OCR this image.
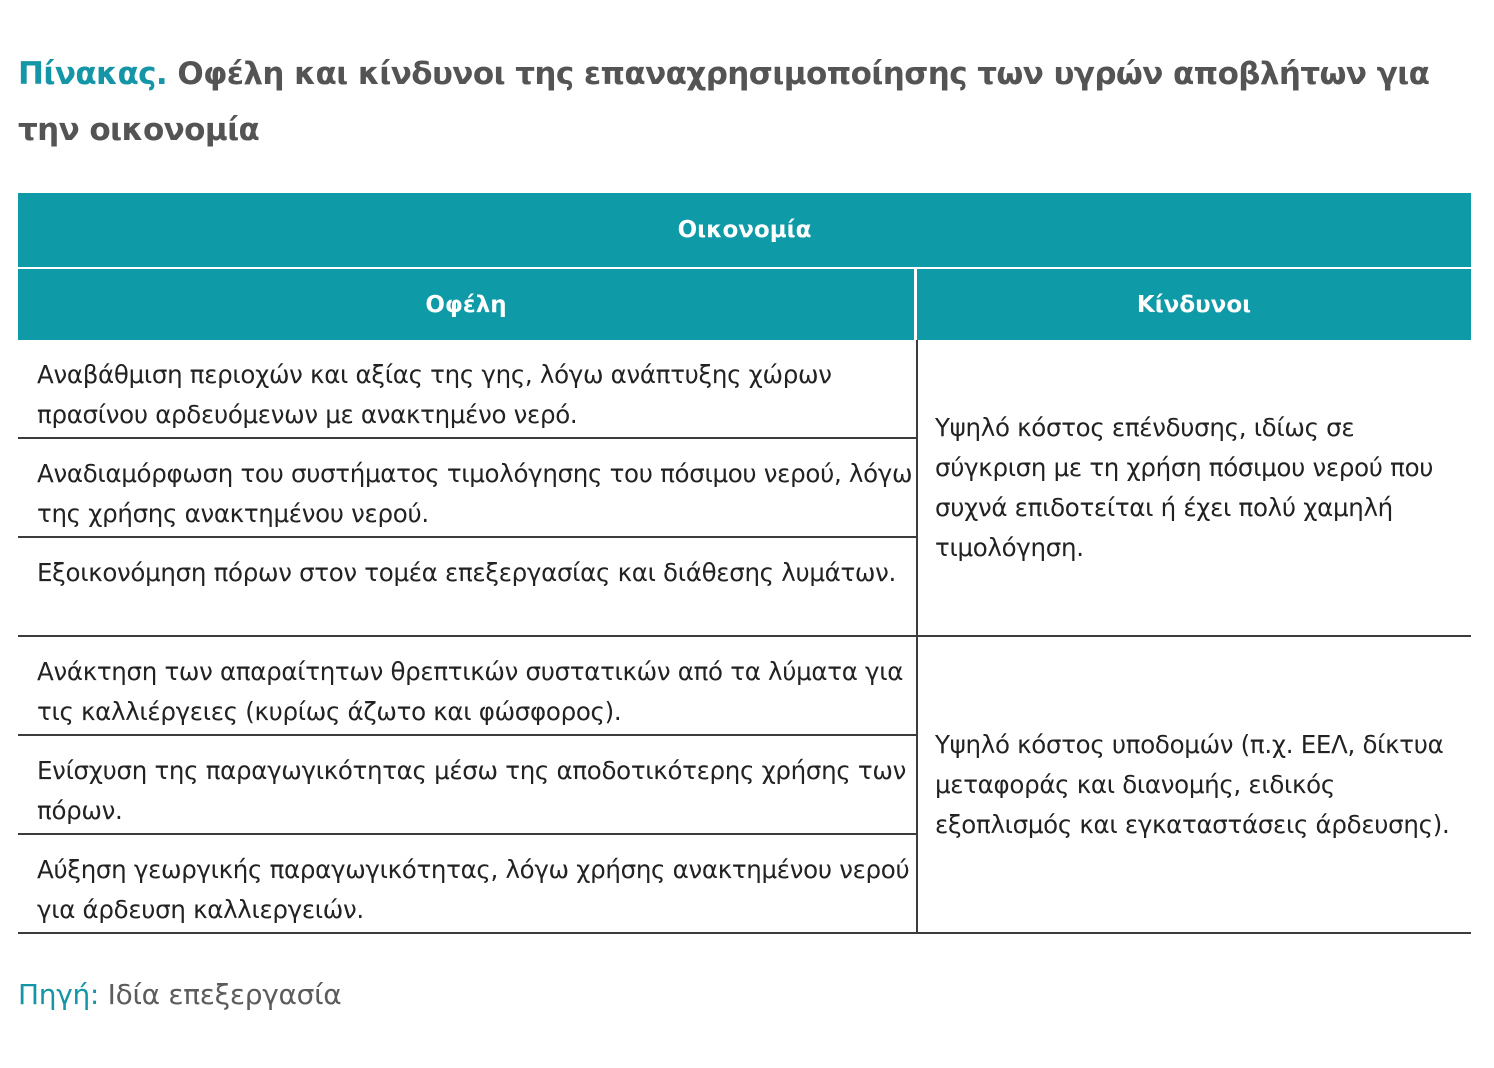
Πίνακας. Οφέλη και κίνδυνοι της επαναχρησιμοποίησης των υγρών αποβλήτων για την οικονομία
Οικονομία
Οφέλη	Κίνδυνοι
Αναβάθμιση περιοχών και αξίας της γης, λόγω ανάπτυξης χώρων πρασίνου αρδευόμενων με ανακτημένο νερό.
Αναδιαμόρφωση του συστήματος τιμολόγησης του πόσιμου νερού, λόγω της χρήσης ανακτημένου νερού.
Εξοικονόμηση πόρων στον τομέα επεξεργασίας και διάθεσης λυμάτων.
Υψηλό κόστος επένδυσης, ιδίως σε σύγκριση με τη χρήση πόσιμου νερού που συχνά επιδοτείται ή έχει πολύ χαμηλή τιμολόγηση.
Ανάκτηση των απαραίτητων θρεπτικών συστατικών από τα λύματα για τις καλλιέργειες (κυρίως άζωτο και φώσφορος).
Ενίσχυση της παραγωγικότητας μέσω της αποδοτικότερης χρήσης των πόρων.
Αύξηση γεωργικής παραγωγικότητας, λόγω χρήσης ανακτημένου νερού για άρδευση καλλιεργειών.
Υψηλό κόστος υποδομών (π.χ. ΕΕΛ, δίκτυα μεταφοράς και διανομής, ειδικός εξοπλισμός και εγκαταστάσεις άρδευσης).
Πηγή: Ιδία επεξεργασία
